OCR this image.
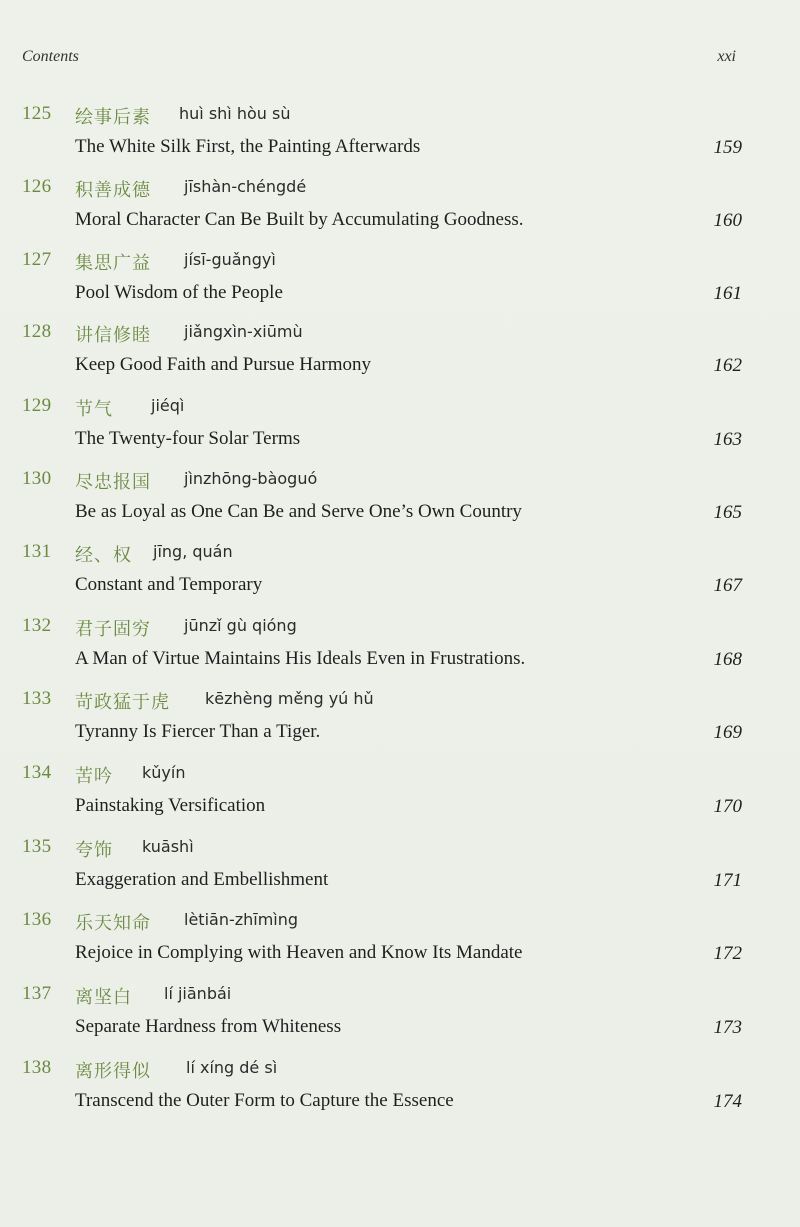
Contents	xxi
125 绘事后素 huì shì hòu sù
The White Silk First, the Painting Afterwards	159
126 积善成德 jīshàn-chéngdé
Moral Character Can Be Built by Accumulating Goodness.	160
127 集思广益 jísī-guǎngyì
Pool Wisdom of the People	161
128 讲信修睦 jiǎngxìn-xiūmù
Keep Good Faith and Pursue Harmony	162
129 节气 jiéqì
The Twenty-four Solar Terms	163
130 尽忠报国 jìnzhōng-bàoguó
Be as Loyal as One Can Be and Serve One’s Own Country	165
131 经、权 jīng, quán
Constant and Temporary	167
132 君子固穷 jūnzǐ gù qióng
A Man of Virtue Maintains His Ideals Even in Frustrations.	168
133 苛政猛于虎 kēzhèng měng yú hǔ
Tyranny Is Fiercer Than a Tiger.	169
134 苦吟 kǔyín
Painstaking Versification	170
135 夸饰 kuāshì
Exaggeration and Embellishment	171
136 乐天知命 lètiān-zhīmìng
Rejoice in Complying with Heaven and Know Its Mandate	172
137 离坚白 lí jiānbái
Separate Hardness from Whiteness	173
138 离形得似 lí xíng dé sì
Transcend the Outer Form to Capture the Essence	174
